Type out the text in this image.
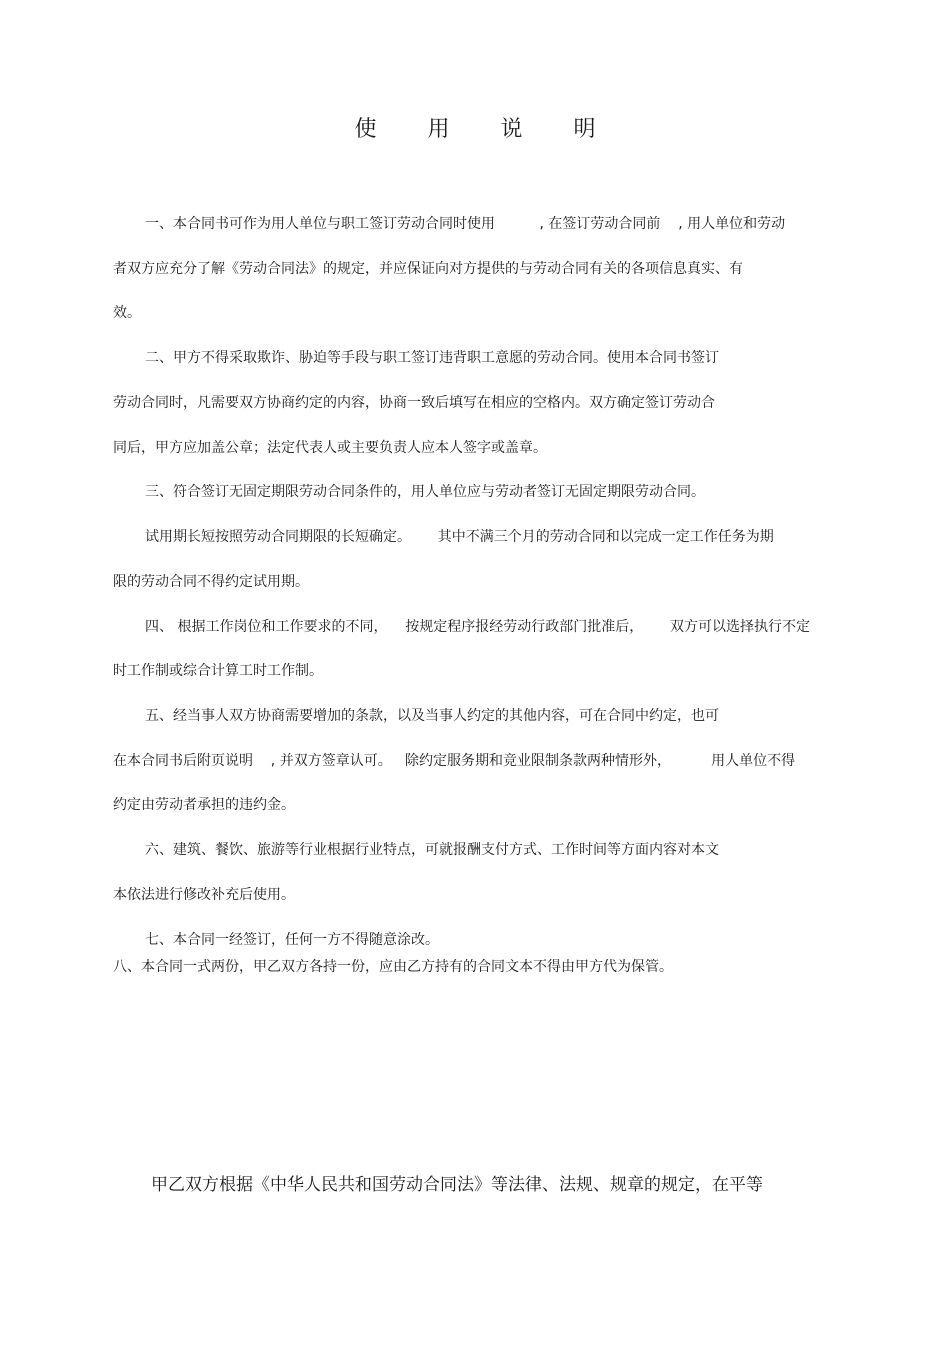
使 用 说 明
一、本合同书可作为用人单位与职工签订劳动合同时使用          , 在签订劳动合同前    , 用人单位和劳动
者双方应充分了解《劳动合同法》的规定，并应保证向对方提供的与劳动合同有关的各项信息真实、有
效。
二、甲方不得采取欺诈、胁迫等手段与职工签订违背职工意愿的劳动合同。使用本合同书签订
劳动合同时，凡需要双方协商约定的内容，协商一致后填写在相应的空格内。双方确定签订劳动合
同后，甲方应加盖公章；法定代表人或主要负责人应本人签字或盖章。
三、符合签订无固定期限劳动合同条件的，用人单位应与劳动者签订无固定期限劳动合同。
试用期长短按照劳动合同期限的长短确定。      其中不满三个月的劳动合同和以完成一定工作任务为期
限的劳动合同不得约定试用期。
四、 根据工作岗位和工作要求的不同，    按规定程序报经劳动行政部门批准后，      双方可以选择执行不定
时工作制或综合计算工时工作制。
五、经当事人双方协商需要增加的条款，以及当事人约定的其他内容，可在合同中约定，也可
在本合同书后附页说明    , 并双方签章认可。   除约定服务期和竞业限制条款两种情形外，         用人单位不得
约定由劳动者承担的违约金。
六、建筑、餐饮、旅游等行业根据行业特点，可就报酬支付方式、工作时间等方面内容对本文
本依法进行修改补充后使用。
七、本合同一经签订，任何一方不得随意涂改。
八、本合同一式两份，甲乙双方各持一份，应由乙方持有的合同文本不得由甲方代为保管。
甲乙双方根据《中华人民共和国劳动合同法》等法律、法规、规章的规定，在平等
